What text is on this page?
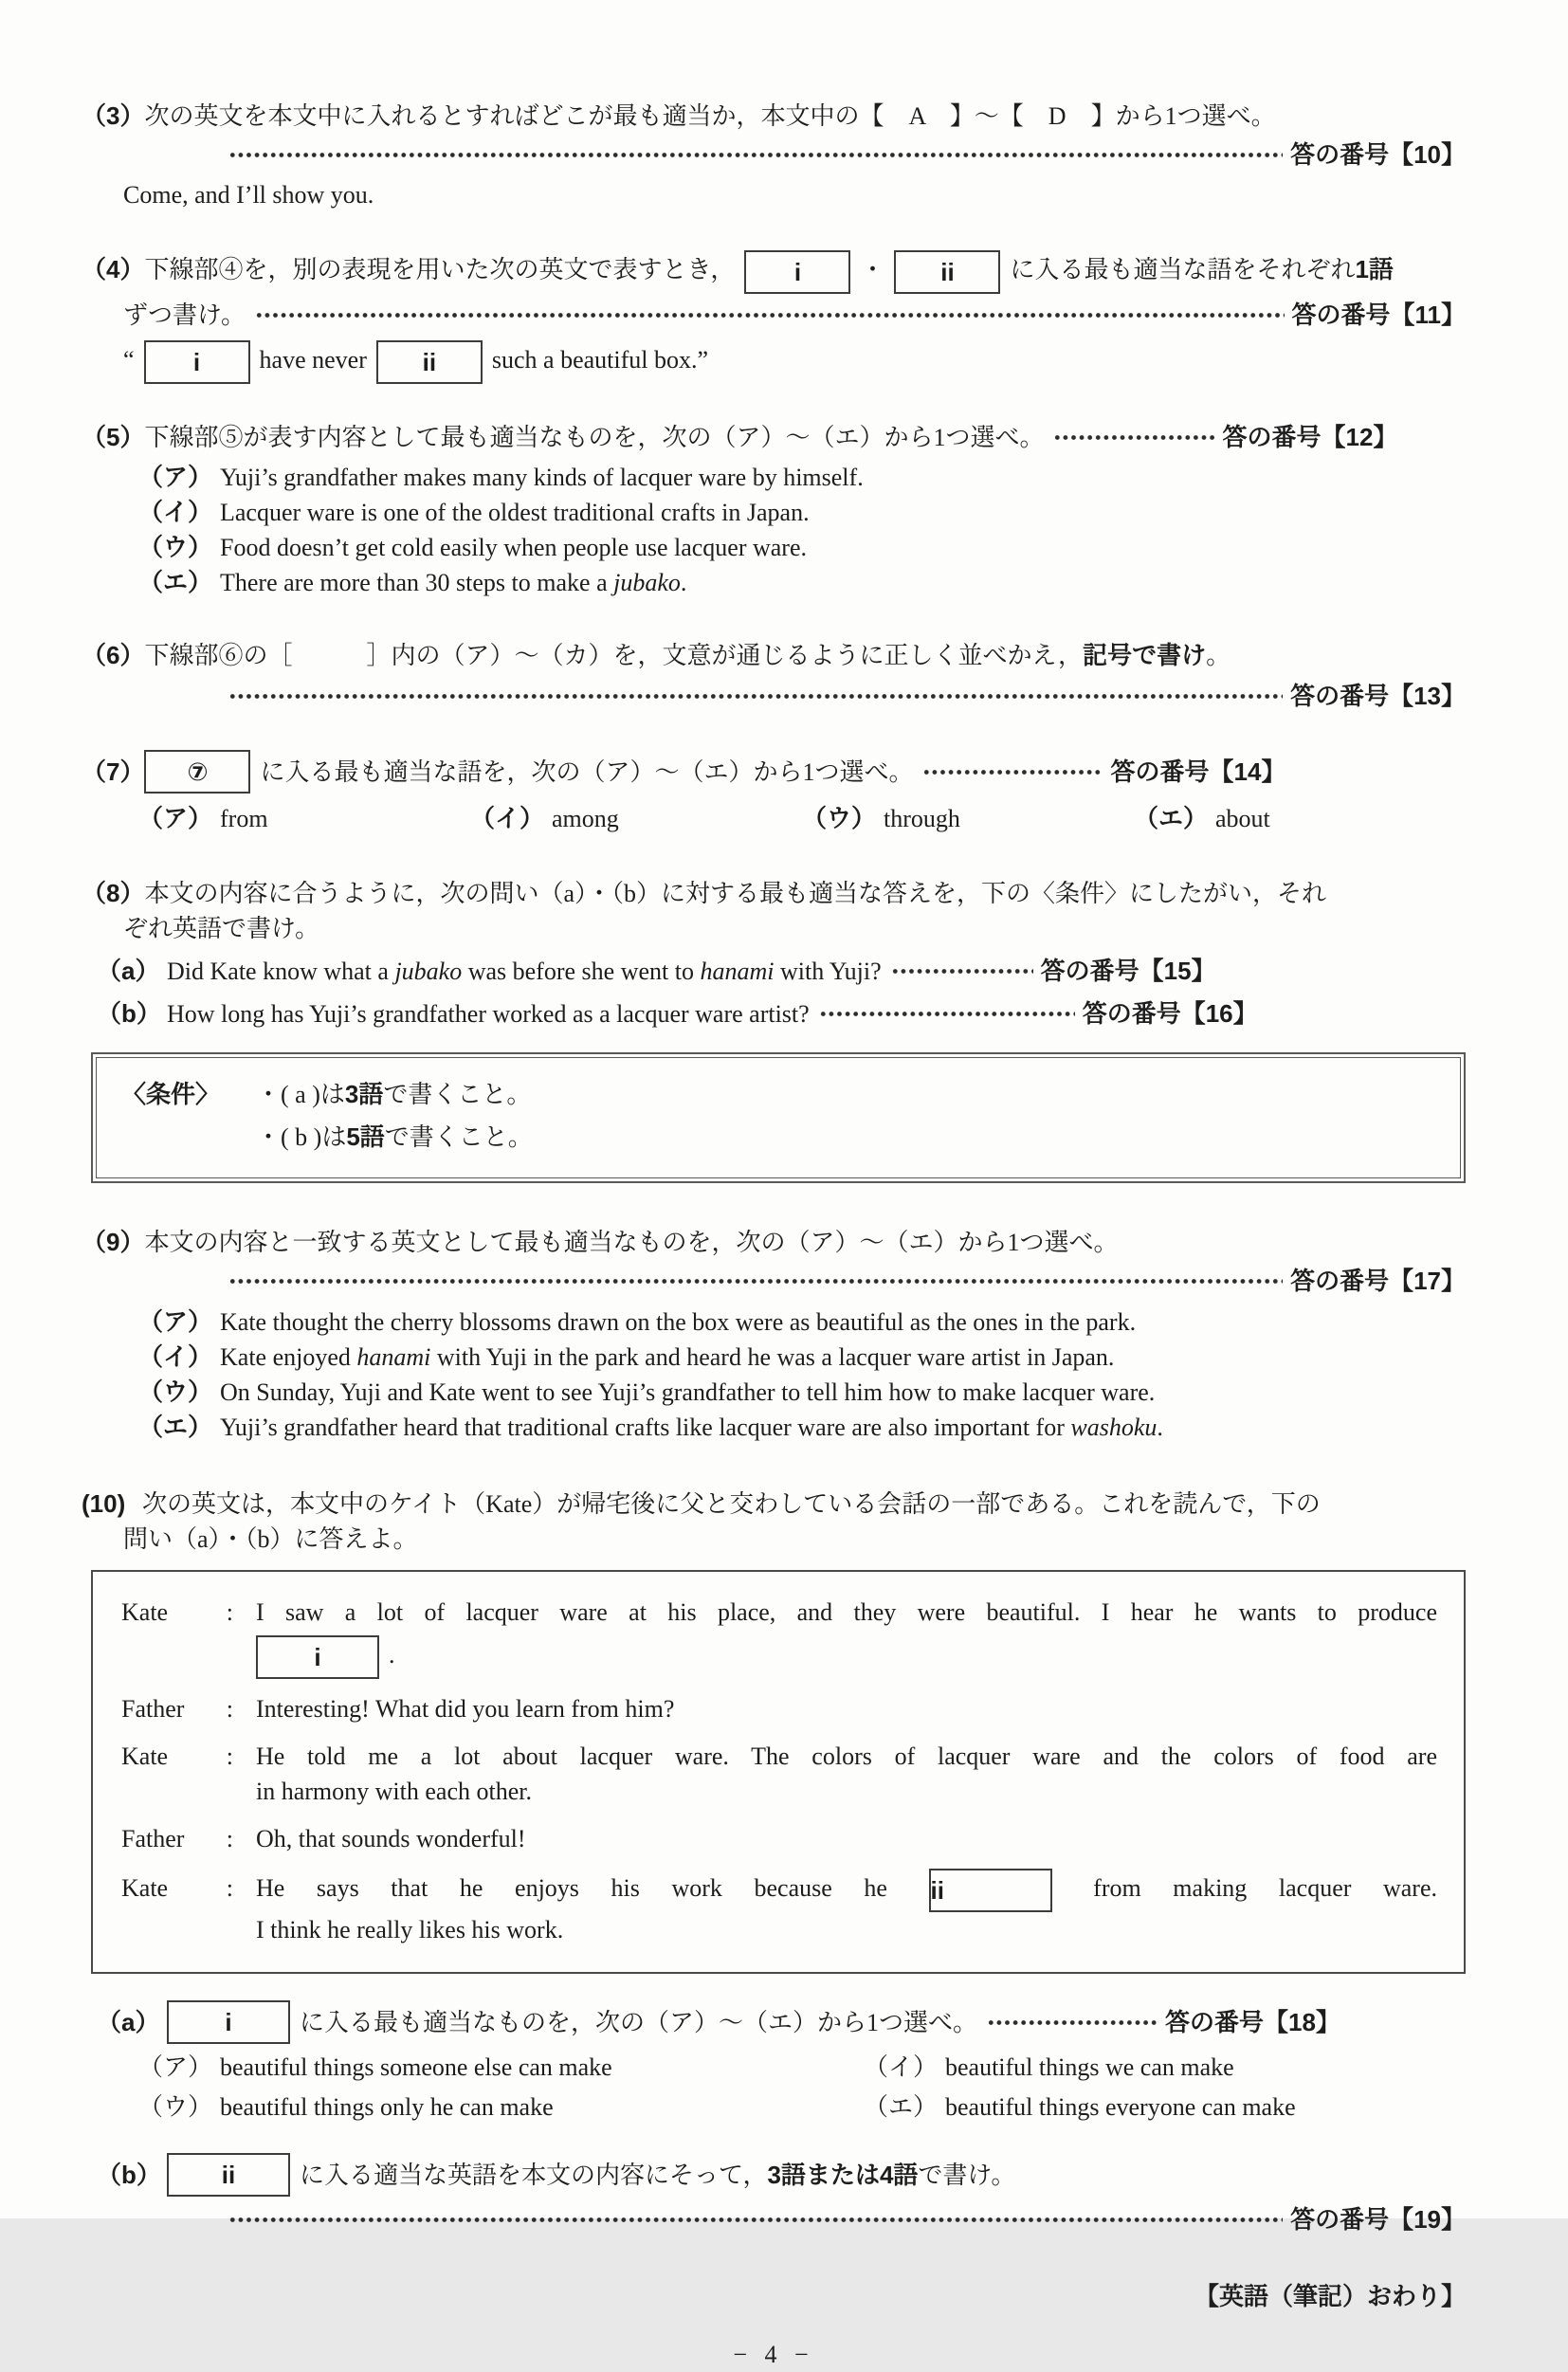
（3） 次の英文を本文中に入れるとすればどこが最も適当か，本文中の【　A　】～【　D　】から1つ選べ。
答の番号【10】
Come, and I’ll show you.
（4） 下線部④を，別の表現を用いた次の英文で表すとき， i ・ ii に入る最も適当な語をそれぞれ1語
ずつ書け。	答の番号【11】
“ i have never ii such a beautiful box.”
（5） 下線部⑤が表す内容として最も適当なものを，次の（ア）～（エ）から1つ選べ。	答の番号【12】
（ア） Yuji’s grandfather makes many kinds of lacquer ware by himself.
（イ） Lacquer ware is one of the oldest traditional crafts in Japan.
（ウ） Food doesn’t get cold easily when people use lacquer ware.
（エ） There are more than 30 steps to make a jubako.
（6） 下線部⑥の［　　　］内の（ア）～（カ）を，文意が通じるように正しく並べかえ，記号で書け。
答の番号【13】
（7）	⑦	に入る最も適当な語を，次の（ア）～（エ）から1つ選べ。	答の番号【14】
（ア） from	（イ） among	（ウ） through	（エ） about
（8） 本文の内容に合うように，次の問い（a）・（b）に対する最も適当な答えを，下の〈条件〉にしたがい，それ
ぞれ英語で書け。
（a） Did Kate know what a jubako was before she went to hanami with Yuji?	答の番号【15】
（b） How long has Yuji’s grandfather worked as a lacquer ware artist?	答の番号【16】
〈条件〉	・( a )は3語で書くこと。
・( b )は5語で書くこと。
（9） 本文の内容と一致する英文として最も適当なものを，次の（ア）～（エ）から1つ選べ。
答の番号【17】
（ア） Kate thought the cherry blossoms drawn on the box were as beautiful as the ones in the park.
（イ） Kate enjoyed hanami with Yuji in the park and heard he was a lacquer ware artist in Japan.
（ウ） On Sunday, Yuji and Kate went to see Yuji’s grandfather to tell him how to make lacquer ware.
（エ） Yuji’s grandfather heard that traditional crafts like lacquer ware are also important for washoku.
(10) 次の英文は，本文中のケイト（Kate）が帰宅後に父と交わしている会話の一部である。これを読んで，下の
問い（a）・（b）に答えよ。
Kate : I saw a lot of lacquer ware at his place, and they were beautiful. I hear he wants to produce
i	.
Father : Interesting! What did you learn from him?
Kate : He told me a lot about lacquer ware. The colors of lacquer ware and the colors of food are
in harmony with each other.
Father : Oh, that sounds wonderful!
Kate : He says that he enjoys his work because he ii	from making lacquer ware.
I think he really likes his work.
（a）	i	に入る最も適当なものを，次の（ア）～（エ）から1つ選べ。	答の番号【18】
（ア） beautiful things someone else can make	（イ） beautiful things we can make
（ウ） beautiful things only he can make	（エ） beautiful things everyone can make
（b）	ii	に入る適当な英語を本文の内容にそって，3語または4語で書け。
答の番号【19】
【英語（筆記）おわり】
− 4 −
